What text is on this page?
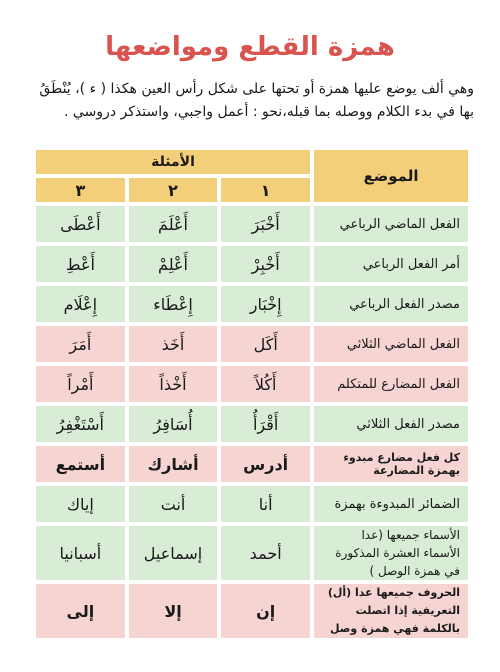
همزة القطع ومواضعها
وهي ألف يوضع عليها همزة أو تحتها على شكل رأس العين هكذا ( ء )، يُنْطَقُ بها في بدء الكلام ووصله بما قبله،نحو : أعمل واجبي، واستذكر دروسي .
الموضع	الأمثلة		
	١	٢	٣
الفعل الماضي الرباعي	أَخْبَرَ	أَعْلَمَ	أَعْطَى
أمر الفعل الرباعي	أَخْبِرْ	أَعْلِمْ	أَعْطِ
مصدر الفعل الرباعي	إِخْبَار	إِعْطَاء	إِعْلَام
الفعل الماضي الثلاثي	أَكَل	أَخَذ	أَمَرَ
الفعل المضارع للمتكلم	أَكُلاً	أَخْذاً	أَمْراً
مصدر الفعل الثلاثي	أَقْرَأُ	أُسَافِرُ	أَسْتَغْفِرُ
كل فعل مضارع مبدوء بهمزة المضارعة	أدرس	أشارك	أستمع
الضمائر المبدوءة بهمزة	أنا	أنت	إياك
الأسماء جميعها (عدا الأسماء العشرة المذكورة في همزة الوصل )	أحمد	إسماعيل	أسبانيا
الحروف جميعها عدا (أل) التعريفية إذا اتصلت بالكلمة فهي همزة وصل	إن	إلا	إلى
